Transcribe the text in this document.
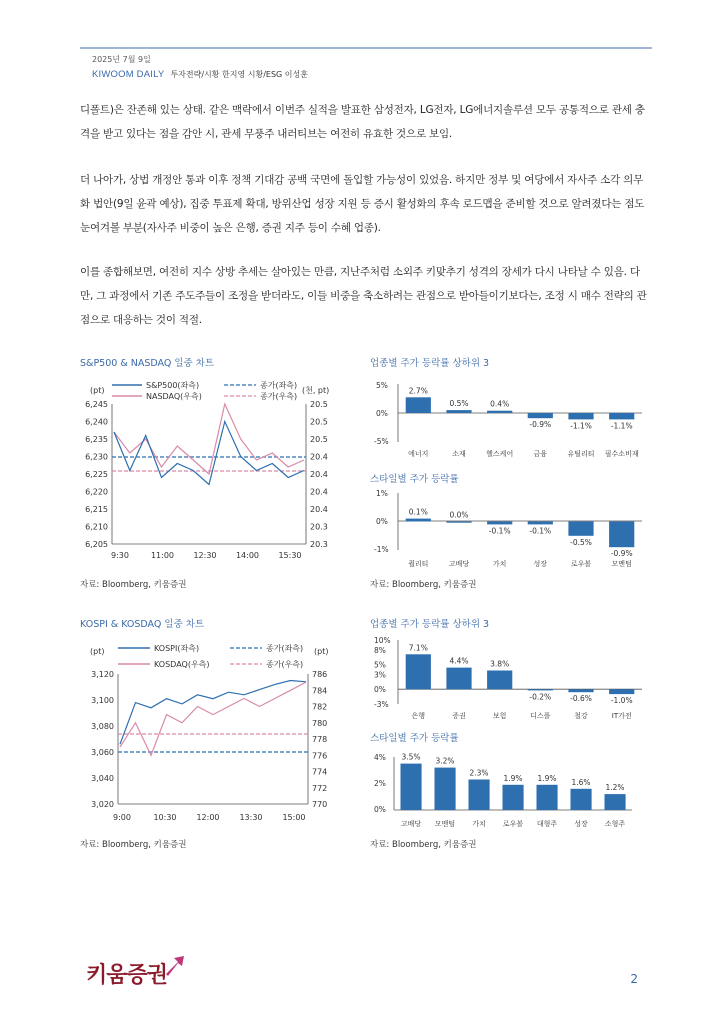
2025년 7월 9일
KIWOOM DAILY 투자전략/시황 한지영 시황/ESG 이성훈

디폴트)은 잔존해 있는 상태. 같은 맥락에서 이번주 실적을 발표한 삼성전자, LG전자, LG에너지솔루션 모두 공통적으로 관세 충격을 받고 있다는 점을 감안 시, 관세 무풍주 내러티브는 여전히 유효한 것으로 보임.

더 나아가, 상법 개정안 통과 이후 정책 기대감 공백 국면에 돌입할 가능성이 있었음. 하지만 정부 및 여당에서 자사주 소각 의무화 법안(9일 윤곽 예상), 집중 투표제 확대, 방위산업 성장 지원 등 증시 활성화의 후속 로드맵을 준비할 것으로 알려졌다는 점도 눈여겨볼 부분(자사주 비중이 높은 은행, 증권 지주 등이 수혜 업종).

이를 종합해보면, 여전히 지수 상방 추세는 살아있는 만큼, 지난주처럼 소외주 키맞추기 성격의 장세가 다시 나타날 수 있음. 다만, 그 과정에서 기존 주도주들이 조정을 받더라도, 이들 비중을 축소하려는 관점으로 받아들이기보다는, 조정 시 매수 전략의 관점으로 대응하는 것이 적절.

S&P500 & NASDAQ 일중 차트
(pt)	(천, pt)
S&P500(좌측)
NASDAQ(우측)
종가(좌측)
종가(우측)
6,245
6,240
6,235
6,230
6,225
6,220
6,215
6,210
6,205
20.5
20.5
20.5
20.4
20.4
20.4
20.4
20.3
20.3
9:30	11:00 12:30 14:00 15:30
자료: Bloomberg, 키움증권
업종별 주가 등락률 상하위 3
5%
0%
-5%
2.7%
에너지
0.5%
소재
0.4%
헬스케어
-0.9%
금융
-1.1%
유틸리티
-1.1%
필수소비재
스타일별 주가 등락률
1%
0%
-1%
0.1%
퀄리티
0.0%
고배당
-0.1%
가치
-0.1%
성장
-0.5%
로우볼
-0.9%
모멘텀
자료: Bloomberg, 키움증권
KOSPI & KOSDAQ 일중 차트
(pt)	(pt)
KOSPI(좌측)
KOSDAQ(우측)
종가(좌측)
종가(우측)
3,120
3,100
3,080
3,060
3,040
3,020
786
784
782
780
778
776
774
772
770
9:00	10:30 12:00 13:30 15:00
자료: Bloomberg, 키움증권
업종별 주가 등락률 상하위 3
10%
8%
5%
3%
0%
-3%
7.1%
은행
4.4%
증권
3.8%
보험
-0.2%
디스플
-0.6%
철강
-1.0%
IT가전
스타일별 주가 등락률
4%
2%
0%
3.5%
고배당
3.2%
모멘텀
2.3%
가치
1.9%
로우볼
1.9%
대형주
1.6%
성장
1.2%
소형주
자료: Bloomberg, 키움증권
키움증권	2
